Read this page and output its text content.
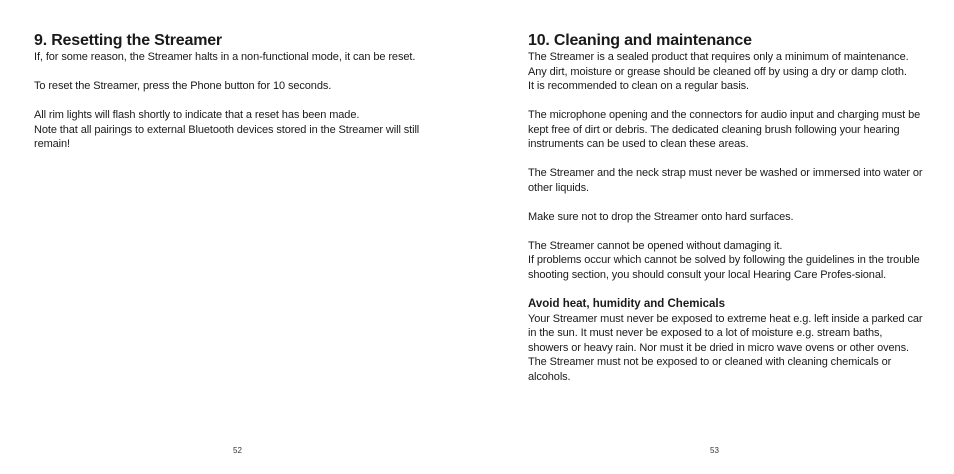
9. Resetting the Streamer

If, for some reason, the Streamer halts in a non-functional mode, it can be reset.

To reset the Streamer, press the Phone button for 10 seconds.

All rim lights will flash shortly to indicate that a reset has been made.

Note that all pairings to external Bluetooth devices stored in the Streamer will still remain!

52
10. Cleaning and maintenance

The Streamer is a sealed product that requires only a minimum of maintenance.

Any dirt, moisture or grease should be cleaned off by using a dry or damp cloth.

It is recommended to clean on a regular basis.

The microphone opening and the connectors for audio input and charging must be kept free of dirt or debris. The dedicated cleaning brush following your hearing instruments can be used to clean these areas.

The Streamer and the neck strap must never be washed or immersed into water or other liquids.

Make sure not to drop the Streamer onto hard surfaces.

The Streamer cannot be opened without damaging it.

If problems occur which cannot be solved by following the guidelines in the trouble shooting section, you should consult your local Hearing Care Profes-sional.

Avoid heat, humidity and Chemicals

Your Streamer must never be exposed to extreme heat e.g. left inside a parked car in the sun. It must never be exposed to a lot of moisture e.g. stream baths, showers or heavy rain. Nor must it be dried in micro wave ovens or other ovens.

The Streamer must not be exposed to or cleaned with cleaning chemicals or alcohols.

53
